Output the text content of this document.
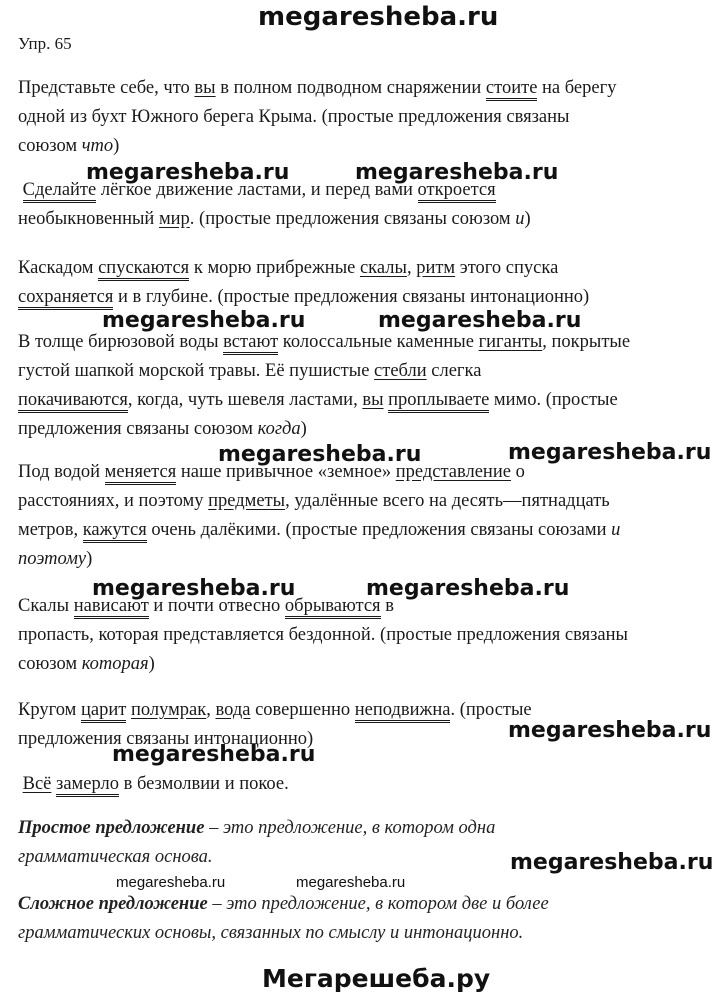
megaresheba.ru
Упр. 65
Представьте себе, что вы в полном подводном снаряжении стоите на берегу
одной из бухт Южного берега Крыма. (простые предложения связаны
союзом что)
megaresheba.ru	megaresheba.ru
Сделайте лёгкое движение ластами, и перед вами откроется
необыкновенный мир. (простые предложения связаны союзом и)
Каскадом спускаются к морю прибрежные скалы, ритм этого спуска
сохраняется и в глубине. (простые предложения связаны интонационно)
megaresheba.ru	megaresheba.ru
В толще бирюзовой воды встают колоссальные каменные гиганты, покрытые
густой шапкой морской травы. Её пушистые стебли слегка
покачиваются, когда, чуть шевеля ластами, вы проплываете мимо. (простые
предложения связаны союзом когда)
megaresheba.ru	megaresheba.ru
Под водой меняется наше привычное «земное» представление о
расстояниях, и поэтому предметы, удалённые всего на десять—пятнадцать
метров, кажутся очень далёкими. (простые предложения связаны союзами и
поэтому)
megaresheba.ru	megaresheba.ru
Скалы нависают и почти отвесно обрываются в
пропасть, которая представляется бездонной. (простые предложения связаны
союзом которая)
Кругом царит полумрак, вода совершенно неподвижна. (простые
предложения связаны интонационно)	megaresheba.ru
megaresheba.ru
Всё замерло в безмолвии и покое.
Простое предложение – это предложение, в котором одна
грамматическая основа.	megaresheba.ru
megaresheba.ru	megaresheba.ru
Сложное предложение – это предложение, в котором две и более
грамматических основы, связанных по смыслу и интонационно.
Мегарешеба.ру
